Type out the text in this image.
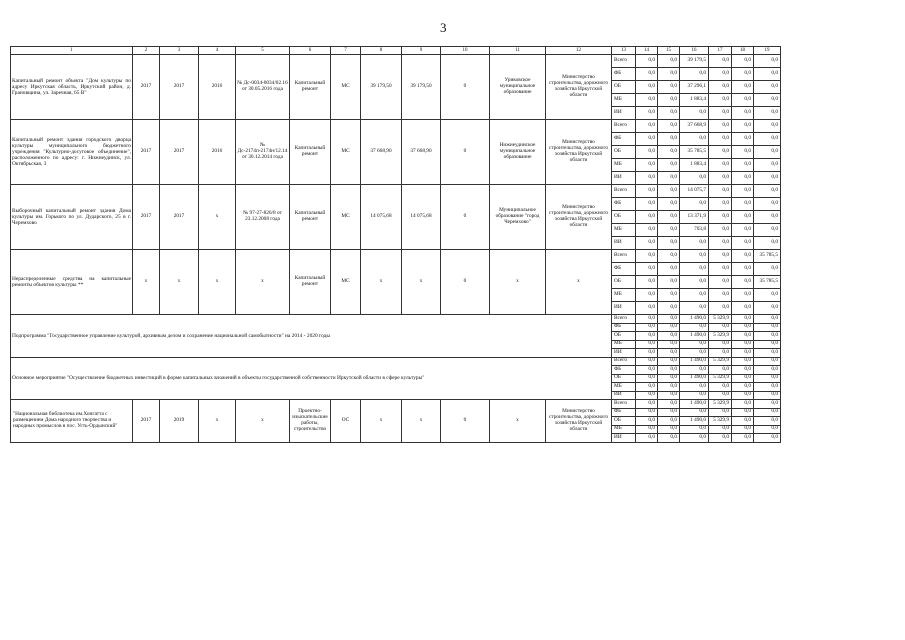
3
1	2	3	4	5	6	7	8	9	10	11	12	13	14	15	16	17	18	19
Капитальный ремонт объекта "Дом культуры по адресу Иркутская область, Иркутский район, д. Грановщина, ул. Заречная, 65 В"	2017	2017	2016	№ Дс-0034-0034/02.16 от 30.05.2016 года	Капитальный ремонт	МС	39 179,50	39 179,50	0	Уриковское муниципальное образование	Министерство строительства, дорожного хозяйства Иркутской области	Всего	0,0	0,0	39 179,5	0,0	0,0	0,0
												ФБ	0,0	0,0	0,0	0,0	0,0	0,0
												ОБ	0,0	0,0	37 296,1	0,0	0,0	0,0
												МБ	0,0	0,0	1 883,4	0,0	0,0	0,0
												ИИ	0,0	0,0	0,0	0,0	0,0	0,0
Капитальный ремонт здания городского дворца культуры муниципального бюджетного учреждения "Культурно-досуговое объединение", расположенного по адресу: г. Нижнеудинск, ул. Октябрьская, 3	2017	2017	2016	№ Дс-2174п-2174н/12.14 от 30.12.2014 года	Капитальный ремонт	МС	37 668,90	37 668,90	0	Нижнеудинское муниципальное образование	Министерство строительства, дорожного хозяйства Иркутской области	Всего	0,0	0,0	37 668,9	0,0	0,0	0,0
												ФБ	0,0	0,0	0,0	0,0	0,0	0,0
												ОБ	0,0	0,0	35 785,5	0,0	0,0	0,0
												МБ	0,0	0,0	1 883,4	0,0	0,0	0,0
												ИИ	0,0	0,0	0,0	0,0	0,0	0,0
Выборочный капитальный ремонт здания Дома культуры им. Горького по ул. Дударского, 25 в г. Черемхово	2017	2017	х	№ 97-27-826/8 от 23.12.2008 года	Капитальный ремонт	МС	14 075,68	14 075,68	0	Муниципальное образование "город Черемхово"	Министерство строительства, дорожного хозяйства Иркутской области	Всего	0,0	0,0	14 075,7	0,0	0,0	0,0
												ФБ	0,0	0,0	0,0	0,0	0,0	0,0
												ОБ	0,0	0,0	13 371,9	0,0	0,0	0,0
												МБ	0,0	0,0	703,8	0,0	0,0	0,0
												ИИ	0,0	0,0	0,0	0,0	0,0	0,0
Нераспределенные средства на капитальные ремонты объектов культуры **	х	х	х	х	Капитальный ремонт	МС	х	х	0	х	х	Всего	0,0	0,0	0,0	0,0	0,0	35 785,5
												ФБ	0,0	0,0	0,0	0,0	0,0	0,0
												ОБ	0,0	0,0	0,0	0,0	0,0	35 785,5
												МБ	0,0	0,0	0,0	0,0	0,0	0,0
												ИИ	0,0	0,0	0,0	0,0	0,0	0,0
Подпрограмма "Государственное управление культурой, архивным делом и сохранение национальной самобытности" на 2014 - 2020 годы												Всего	0,0	0,0	1 490,0	5 329,9	0,0	0,0
												ФБ	0,0	0,0	0,0	0,0	0,0	0,0
												ОБ	0,0	0,0	1 490,0	5 329,9	0,0	0,0
												МБ	0,0	0,0	0,0	0,0	0,0	0,0
												ИИ	0,0	0,0	0,0	0,0	0,0	0,0
Основное мероприятие "Осуществление бюджетных инвестиций в форме капитальных вложений в объекты государственной собственности Иркутской области в сфере культуры"												Всего	0,0	0,0	1 490,0	5 329,9	0,0	0,0
												ФБ	0,0	0,0	0,0	0,0	0,0	0,0
												ОБ	0,0	0,0	1 490,0	5 329,9	0,0	0,0
												МБ	0,0	0,0	0,0	0,0	0,0	0,0
												ИИ	0,0	0,0	0,0	0,0	0,0	0,0
"Национальная библиотека им.Хонгатта с размещением Дома народного творчества и народных промыслов в пос. Усть-Ордынский"	2017	2019	х	х	Проектно-изыскательские работы, строительство	ОС	х	х	0	х	Министерство строительства, дорожного хозяйства Иркутской области	Всего	0,0	0,0	1 490,0	5 329,9	0,0	0,0
												ФБ	0,0	0,0	0,0	0,0	0,0	0,0
												ОБ	0,0	0,0	1 490,0	5 329,9	0,0	0,0
												МБ	0,0	0,0	0,0	0,0	0,0	0,0
												ИИ	0,0	0,0	0,0	0,0	0,0	0,0
